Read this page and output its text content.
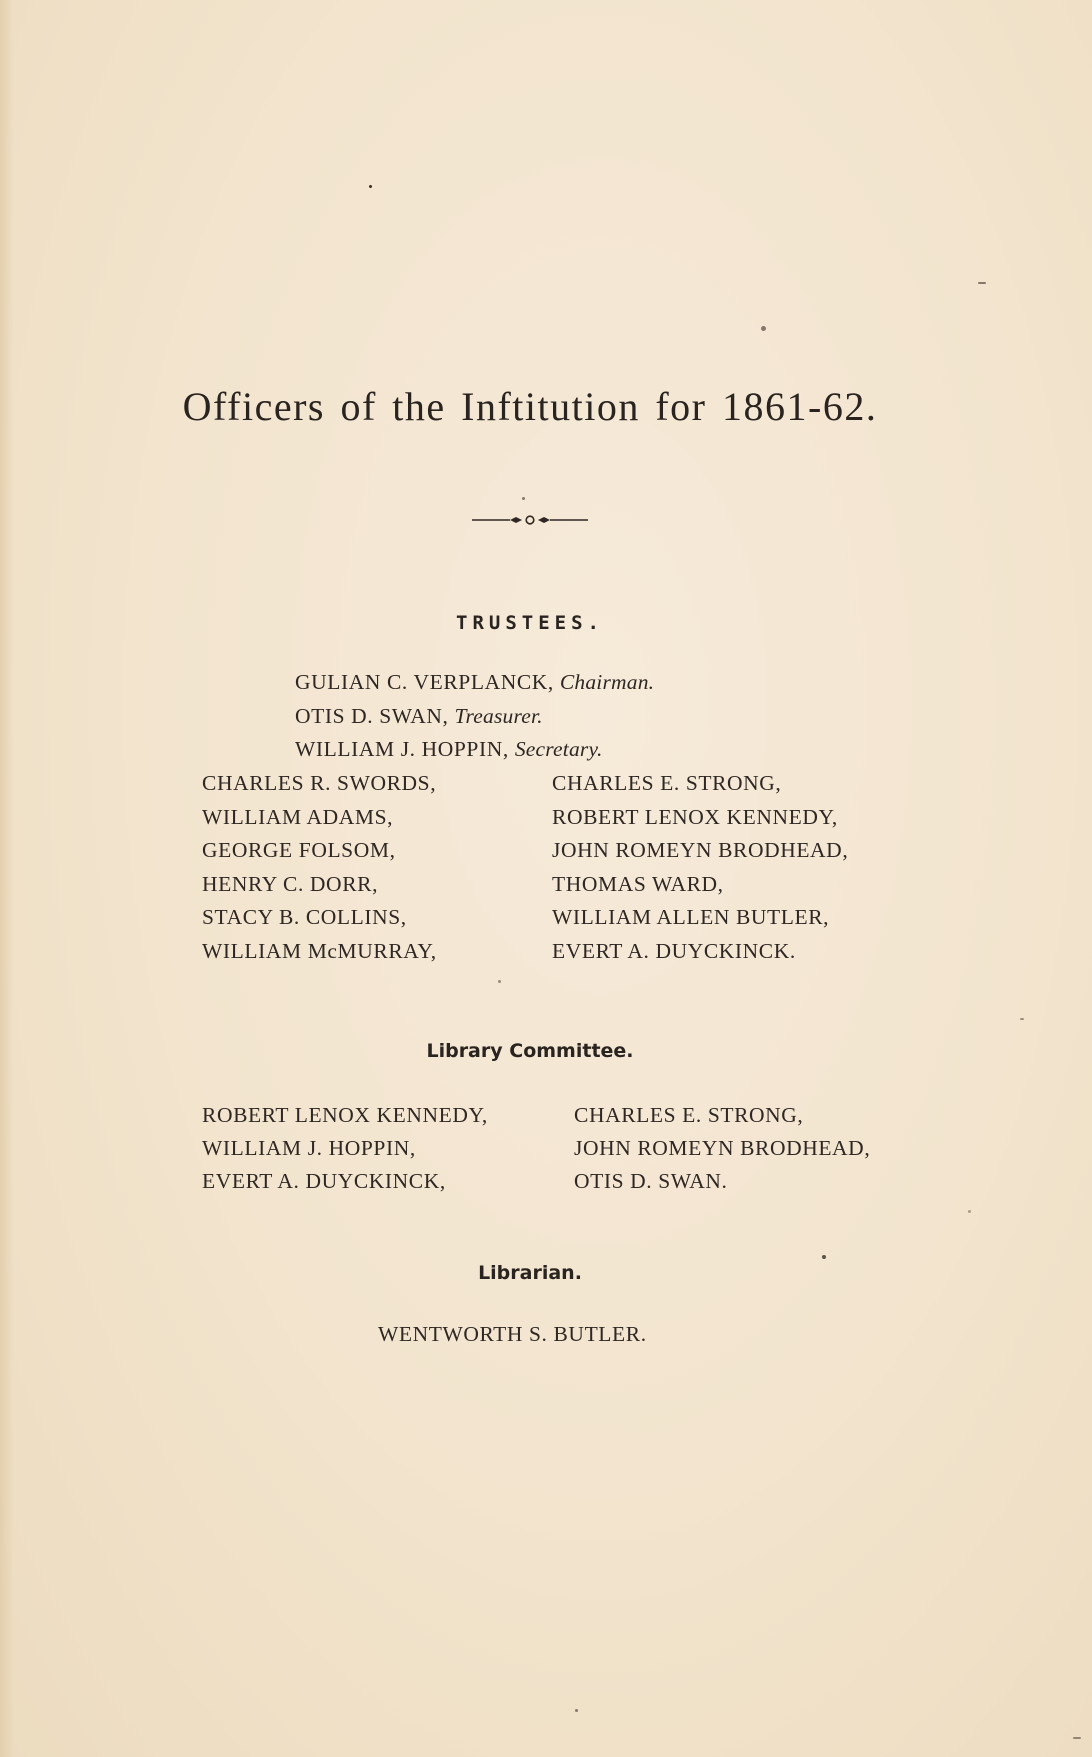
Officers of the Inftitution for 1861-62.
TRUSTEES.
GULIAN C. VERPLANCK, Chairman.
OTIS D. SWAN, Treasurer.
WILLIAM J. HOPPIN, Secretary.
CHARLES R. SWORDS,
WILLIAM ADAMS,
GEORGE FOLSOM,
HENRY C. DORR,
STACY B. COLLINS,
WILLIAM McMURRAY,
CHARLES E. STRONG,
ROBERT LENOX KENNEDY,
JOHN ROMEYN BRODHEAD,
THOMAS WARD,
WILLIAM ALLEN BUTLER,
EVERT A. DUYCKINCK.
Library Committee.
ROBERT LENOX KENNEDY,
WILLIAM J. HOPPIN,
EVERT A. DUYCKINCK,
CHARLES E. STRONG,
JOHN ROMEYN BRODHEAD,
OTIS D. SWAN.
Librarian.
WENTWORTH S. BUTLER.
